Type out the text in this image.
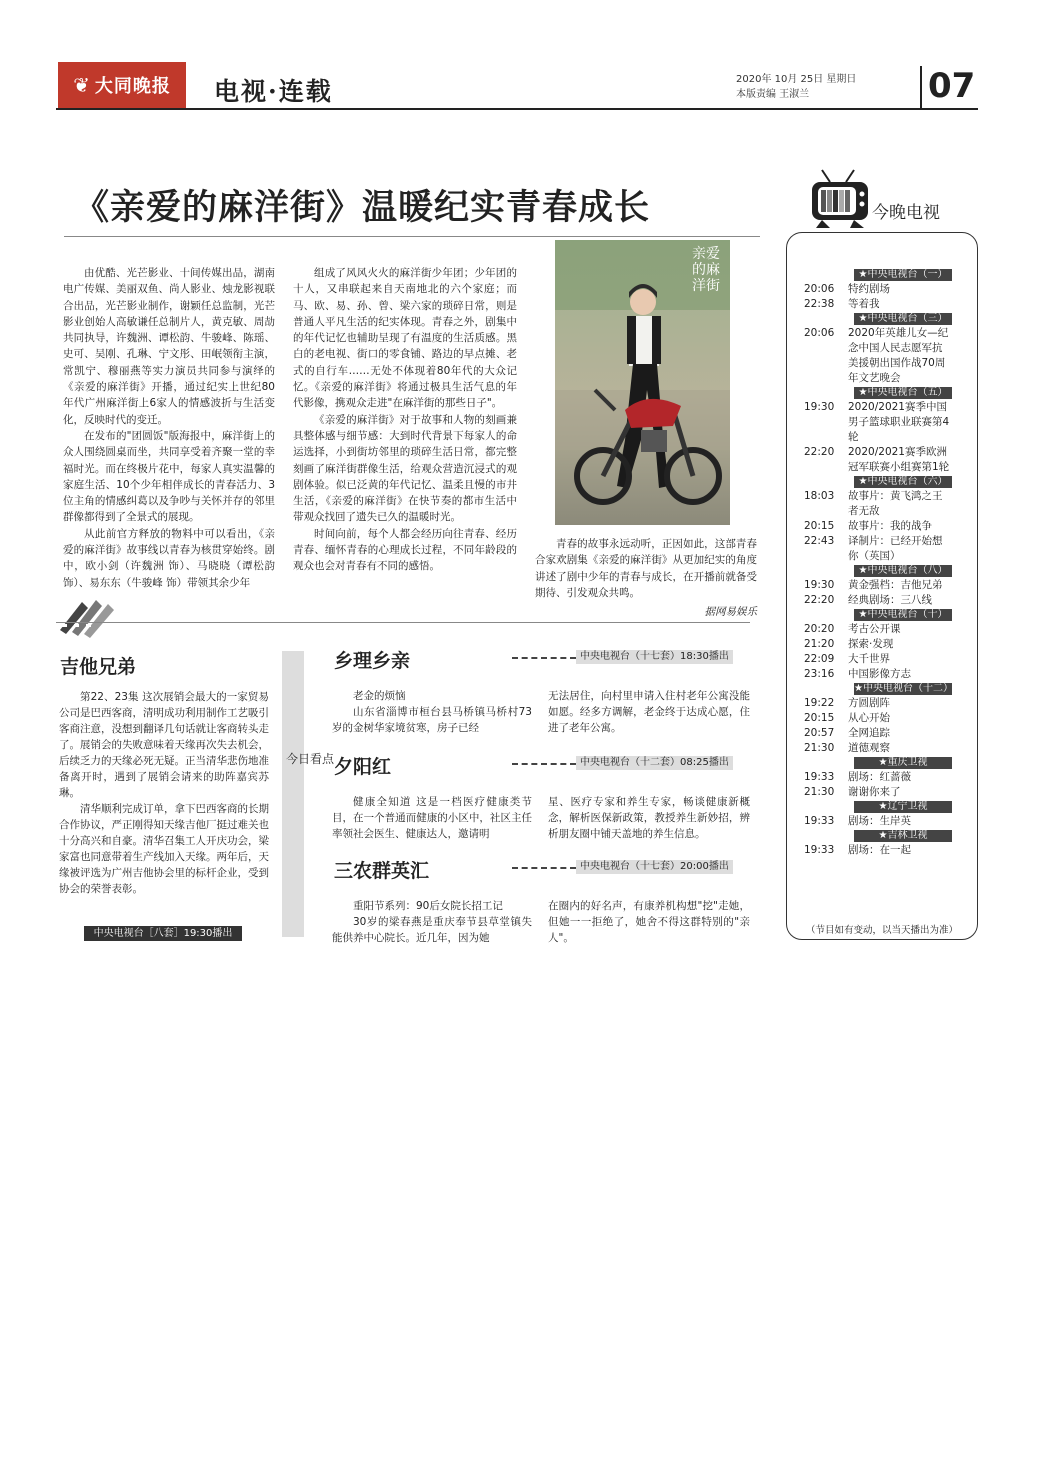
❦ 大同晚报 电视·连载	2020年 10月 25日 星期日
本版责编 王淑兰	07
《亲爱的麻洋街》温暖纪实青春成长

由优酷、光芒影业、十间传媒出品，湖南电广传媒、美丽双鱼、尚人影业、烛龙影视联合出品，光芒影业制作，谢颖任总监制，光芒影业创始人高敏谦任总制片人，黄克敏、周劼共同执导，许魏洲、谭松韵、牛骏峰、陈瑶、史可、吴刚、孔琳、宁文彤、田岷领衔主演，常凯宁、穆丽燕等实力演员共同参与演绎的《亲爱的麻洋街》开播，通过纪实上世纪80年代广州麻洋街上6家人的情感波折与生活变化，反映时代的变迁。

在发布的"团圆饭"版海报中，麻洋街上的众人围绕圆桌而坐，共同享受着齐聚一堂的幸福时光。而在终极片花中，每家人真实温馨的家庭生活、10个少年相伴成长的青春活力、3位主角的情感纠葛以及争吵与关怀并存的邻里群像都得到了全景式的展现。

从此前官方释放的物料中可以看出，《亲爱的麻洋街》故事线以青春为核贯穿始终。剧中，欧小剑（许魏洲 饰）、马晓晓（谭松韵 饰）、易东东（牛骏峰 饰）带领其余少年

组成了风风火火的麻洋街少年团；少年团的十人，又串联起来自天南地北的六个家庭；而马、欧、易、孙、曾、梁六家的琐碎日常，则是普通人平凡生活的纪实体现。青春之外，剧集中的年代记忆也辅助呈现了有温度的生活质感。黑白的老电视、街口的零食铺、路边的早点摊、老式的自行车……无处不体现着80年代的大众记忆。《亲爱的麻洋街》将通过极具生活气息的年代影像，携观众走进"在麻洋街的那些日子"。

《亲爱的麻洋街》对于故事和人物的刻画兼具整体感与细节感：大到时代背景下每家人的命运选择，小到街坊邻里的琐碎生活日常，都完整刻画了麻洋街群像生活，给观众营造沉浸式的观剧体验。似已泛黄的年代记忆、温柔且慢的市井生活，《亲爱的麻洋街》在快节奏的都市生活中带观众找回了遗失已久的温暖时光。

时间向前，每个人都会经历向往青春、经历青春、缅怀青春的心理成长过程，不同年龄段的观众也会对青春有不同的感悟。

青春的故事永远动听，正因如此，这部青春合家欢剧集《亲爱的麻洋街》从更加纪实的角度讲述了剧中少年的青春与成长，在开播前就备受期待、引发观众共鸣。

据网易娱乐
亲爱的麻洋街
今晚电视
★中央电视台（一）
20:06	特约剧场
22:38	等着我
★中央电视台（三）
20:06	2020年英雄儿女—纪念中国人民志愿军抗美援朝出国作战70周年文艺晚会
★中央电视台（五）
19:30	2020/2021赛季中国男子篮球职业联赛第4轮
22:20	2020/2021赛季欧洲冠军联赛小组赛第1轮
★中央电视台（六）
18:03	故事片：黄飞鸿之王者无敌
20:15	故事片：我的战争
22:43	译制片：已经开始想你（英国）
★中央电视台（八）
19:30	黄金强档：吉他兄弟
22:20	经典剧场：三八线
★中央电视台（十）
20:20	考古公开课
21:20	探索·发现
22:09	大千世界
23:16	中国影像方志
★中央电视台（十二）
19:22	方圆剧阵
20:15	从心开始
20:57	全网追踪
21:30	道德观察
★重庆卫视
19:33	剧场：红蔷薇
21:30	谢谢你来了
★辽宁卫视
19:33	剧场：生岸英
★吉林卫视
19:33	剧场：在一起
（节目如有变动，以当天播出为准）
吉他兄弟

第22、23集 这次展销会最大的一家贸易公司是巴西客商，清明成功利用制作工艺吸引客商注意，没想到翻译几句话就让客商转头走了。展销会的失败意味着天缘再次失去机会，后续乏力的天缘必死无疑。正当清华悲伤地准备离开时，遇到了展销会请来的助阵嘉宾苏琳。

清华顺利完成订单，拿下巴西客商的长期合作协议，严正刚得知天缘吉他厂挺过难关也十分高兴和自豪。清华召集工人开庆功会，梁家富也同意带着生产线加入天缘。两年后，天缘被评选为广州吉他协会里的标杆企业，受到协会的荣誉表彰。

中央电视台［八套］19:30播出
今日看点
乡理乡亲	中央电视台（十七套）18:30播出

老金的烦恼

山东省淄博市桓台县马桥镇马桥村73岁的金树华家境贫寒，房子已经

无法居住，向村里申请入住村老年公寓没能如愿。经多方调解，老金终于达成心愿，住进了老年公寓。

夕阳红	中央电视台（十二套）08:25播出

健康全知道 这是一档医疗健康类节目，在一个普通而健康的小区中，社区主任率领社会医生、健康达人，邀请明

星、医疗专家和养生专家，畅谈健康新概念，解析医保新政策，教授养生新妙招，辨析朋友圈中铺天盖地的养生信息。

三农群英汇	中央电视台（十七套）20:00播出

重阳节系列：90后女院长招工记

30岁的梁春燕是重庆奉节县草堂镇失能供养中心院长。近几年，因为她

在圈内的好名声，有康养机构想"挖"走她，但她一一拒绝了，她舍不得这群特别的"亲人"。
